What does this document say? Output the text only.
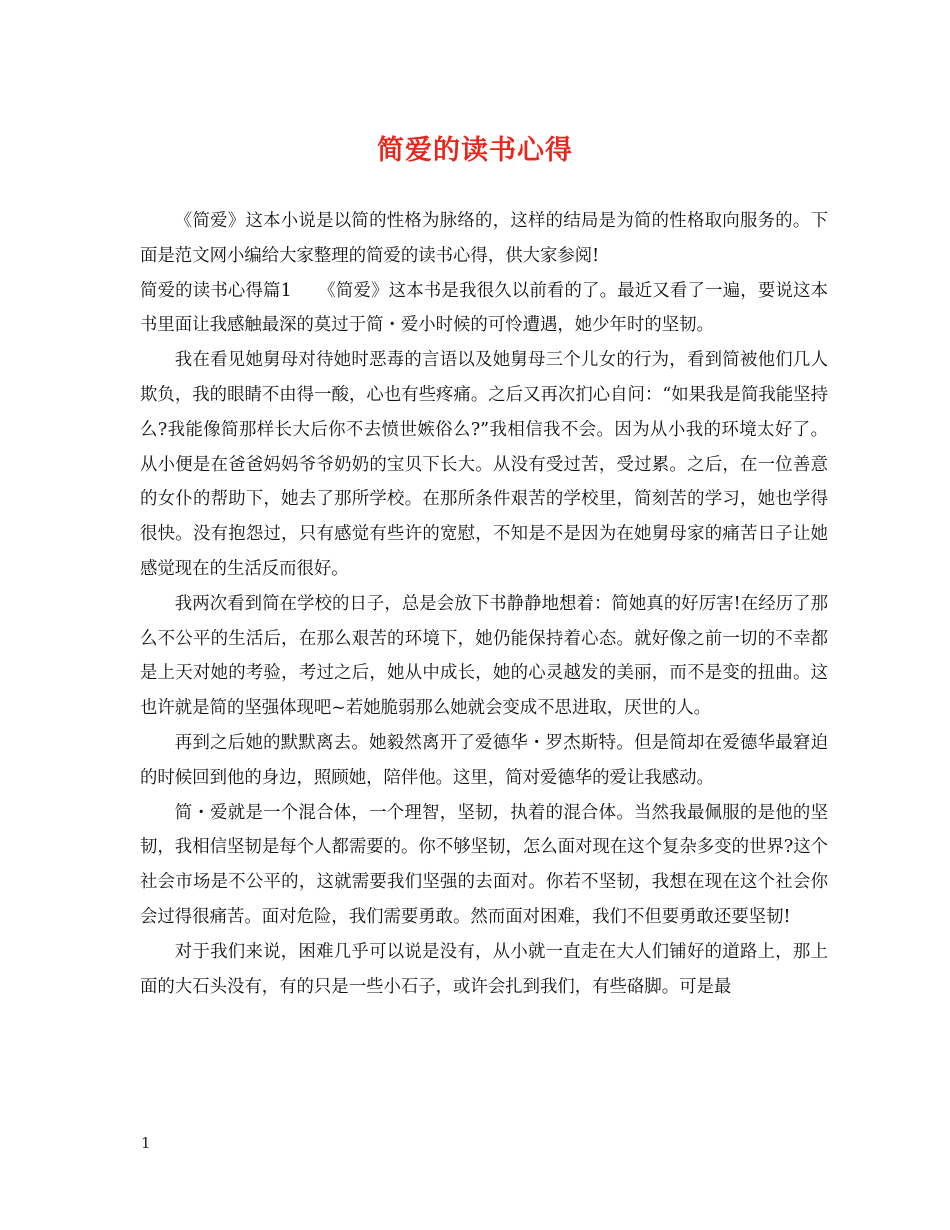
简爱的读书心得

《简爱》这本小说是以简的性格为脉络的，这样的结局是为简的性格取向服务的。下面是范文网小编给大家整理的简爱的读书心得，供大家参阅!

简爱的读书心得篇1　　《简爱》这本书是我很久以前看的了。最近又看了一遍，要说这本书里面让我感触最深的莫过于简・爱小时候的可怜遭遇，她少年时的坚韧。

我在看见她舅母对待她时恶毒的言语以及她舅母三个儿女的行为，看到简被他们几人欺负，我的眼睛不由得一酸，心也有些疼痛。之后又再次扪心自问：“如果我是简我能坚持么?我能像简那样长大后你不去愤世嫉俗么?”我相信我不会。因为从小我的环境太好了。从小便是在爸爸妈妈爷爷奶奶的宝贝下长大。从没有受过苦，受过累。之后，在一位善意的女仆的帮助下，她去了那所学校。在那所条件艰苦的学校里，简刻苦的学习，她也学得很快。没有抱怨过，只有感觉有些许的宽慰，不知是不是因为在她舅母家的痛苦日子让她感觉现在的生活反而很好。

我两次看到简在学校的日子，总是会放下书静静地想着：简她真的好厉害!在经历了那么不公平的生活后，在那么艰苦的环境下，她仍能保持着心态。就好像之前一切的不幸都是上天对她的考验，考过之后，她从中成长，她的心灵越发的美丽，而不是变的扭曲。这也许就是简的坚强体现吧~若她脆弱那么她就会变成不思进取，厌世的人。

再到之后她的默默离去。她毅然离开了爱德华・罗杰斯特。但是简却在爱德华最窘迫的时候回到他的身边，照顾她，陪伴他。这里，简对爱德华的爱让我感动。

简・爱就是一个混合体，一个理智，坚韧，执着的混合体。当然我最佩服的是他的坚韧，我相信坚韧是每个人都需要的。你不够坚韧，怎么面对现在这个复杂多变的世界?这个社会市场是不公平的，这就需要我们坚强的去面对。你若不坚韧，我想在现在这个社会你会过得很痛苦。面对危险，我们需要勇敢。然而面对困难，我们不但要勇敢还要坚韧!

对于我们来说，困难几乎可以说是没有，从小就一直走在大人们铺好的道路上，那上面的大石头没有，有的只是一些小石子，或许会扎到我们，有些硌脚。可是最

1
